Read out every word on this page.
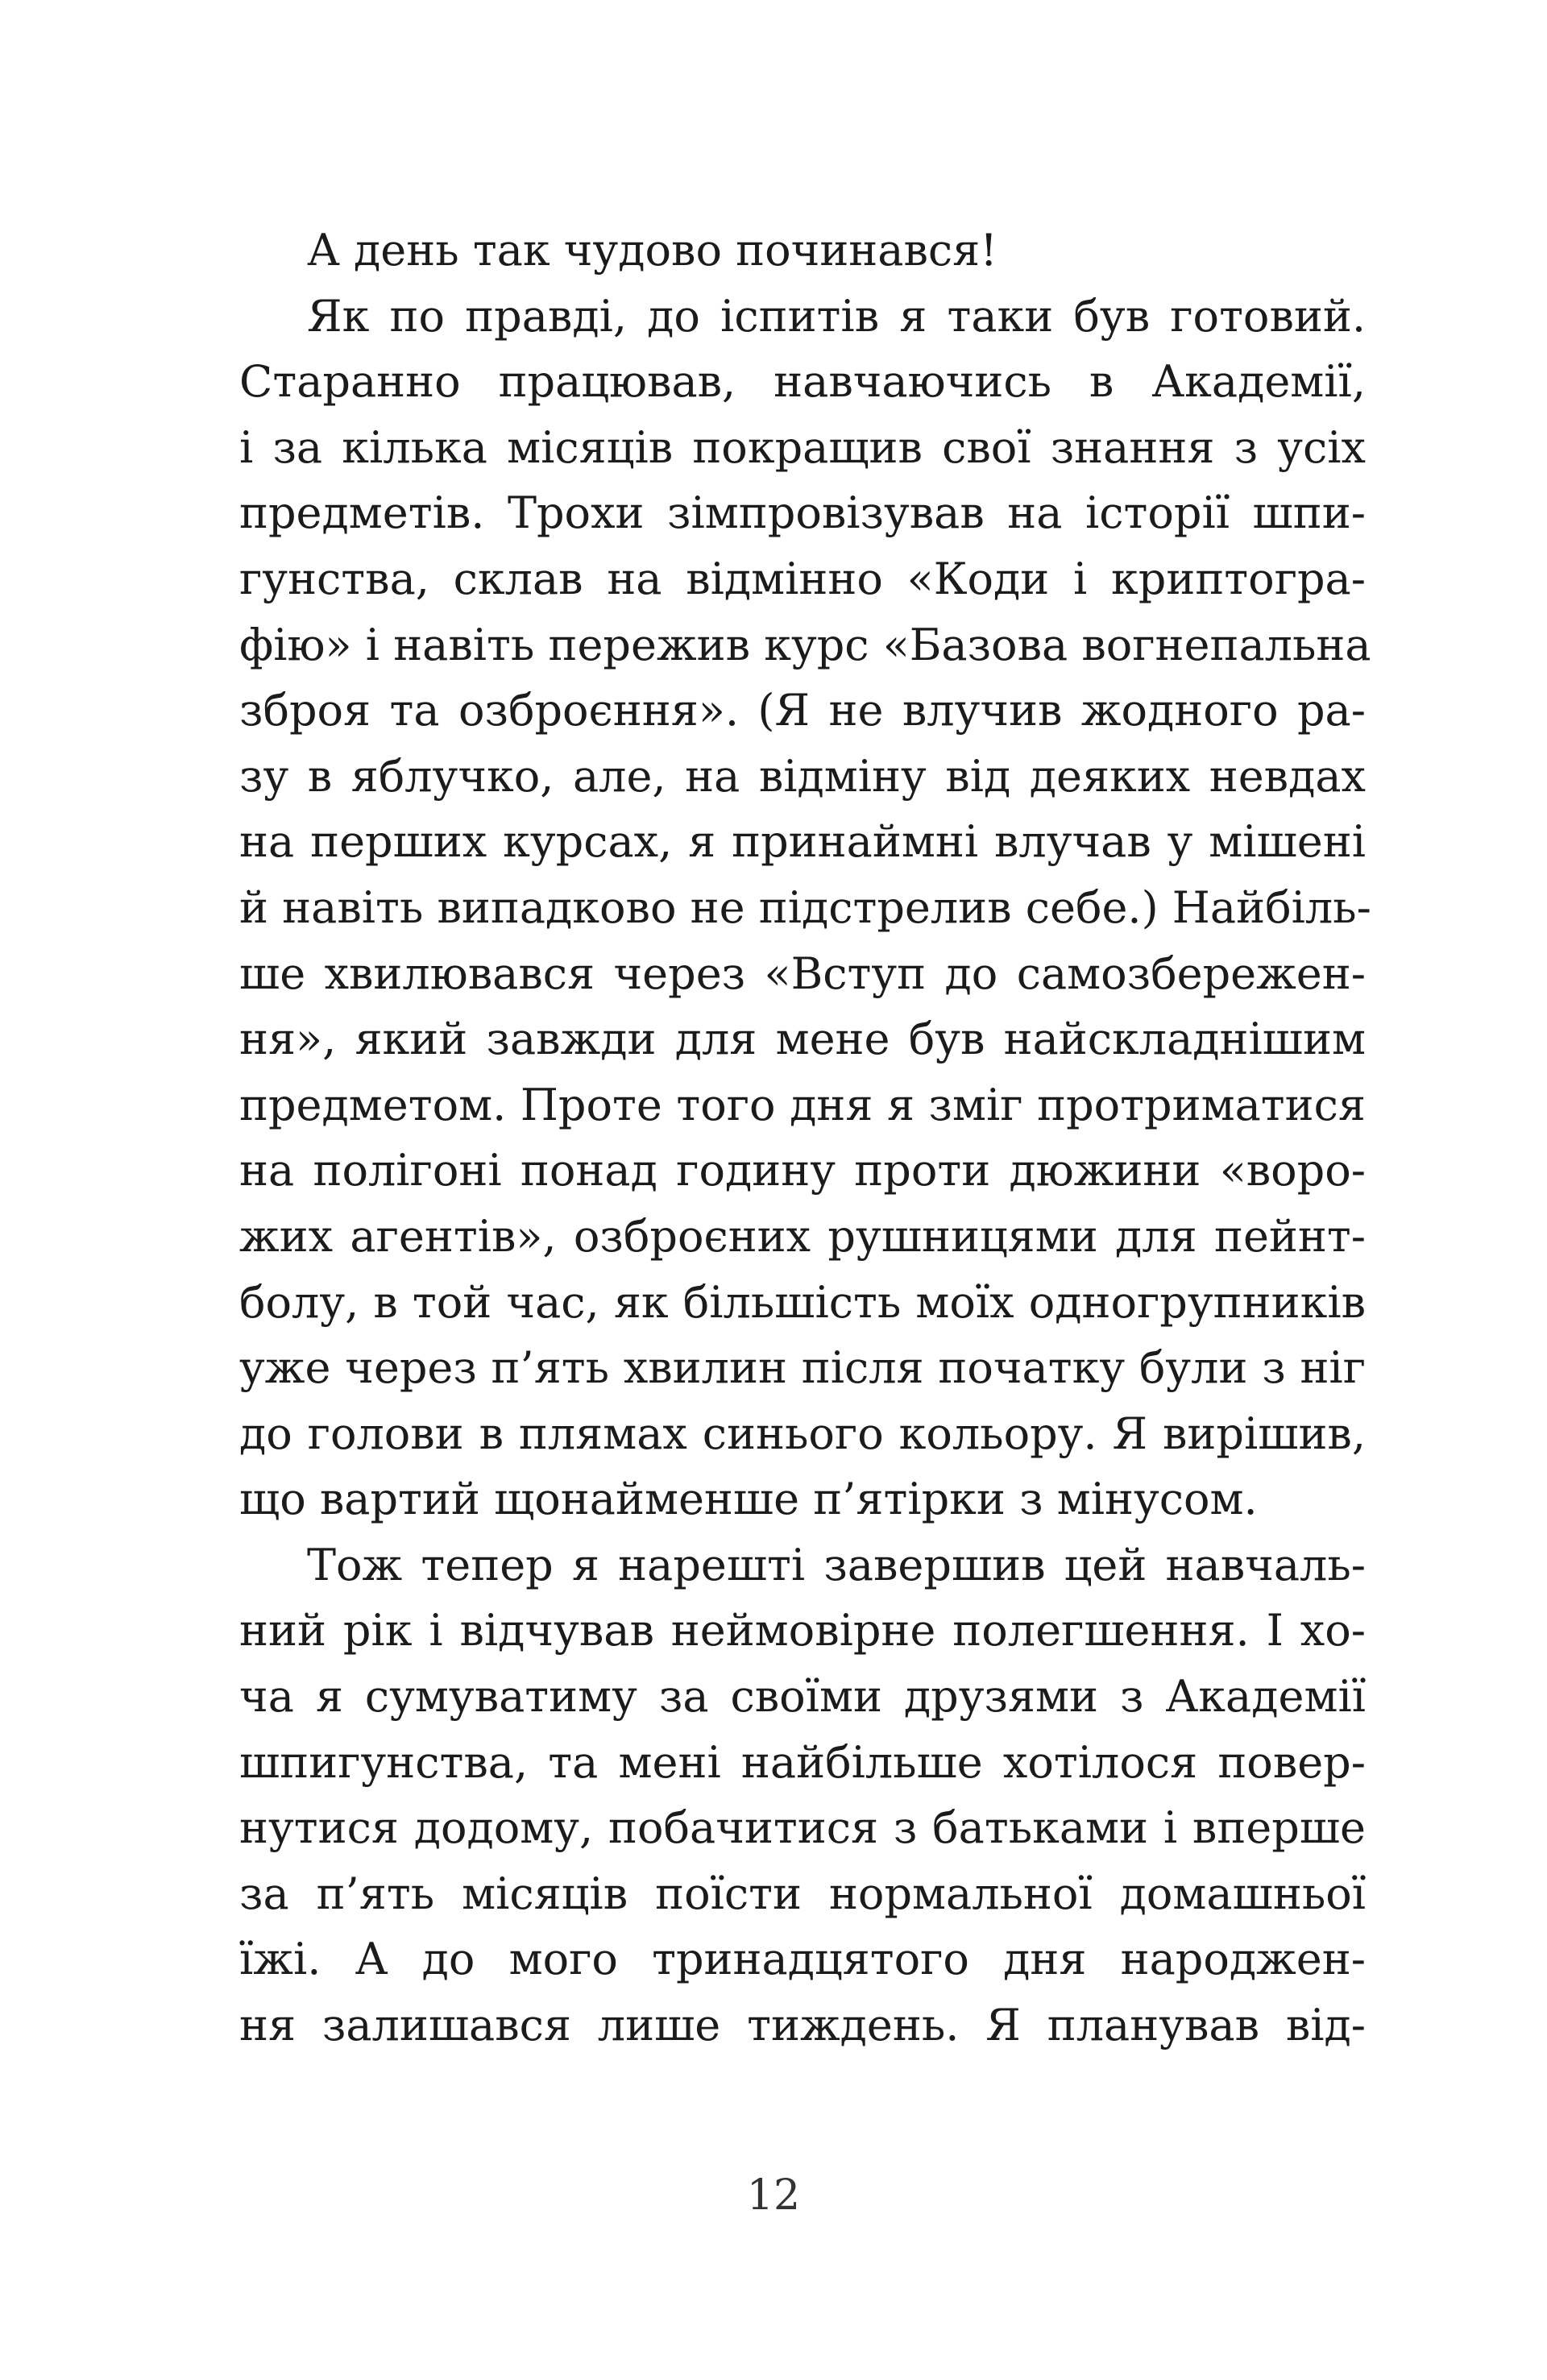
А день так чудово починався!
Як по правді, до іспитів я таки був готовий.
Старанно працював, навчаючись в Академії,
і за кілька місяців покращив свої знання з усіх
предметів. Трохи зімпровізував на історії шпи-
гунства, склав на відмінно «Коди і криптогра-
фію» і навіть пережив курс «Базова вогнепальна
зброя та озброєння». (Я не влучив жодного ра-
зу в яблучко, але, на відміну від деяких невдах
на перших курсах, я принаймні влучав у мішені
й навіть випадково не підстрелив себе.) Найбіль-
ше хвилювався через «Вступ до самозбережен-
ня», який завжди для мене був найскладнішим
предметом. Проте того дня я зміг протриматися
на полігоні понад годину проти дюжини «воро-
жих агентів», озброєних рушницями для пейнт-
болу, в той час, як більшість моїх одногрупників
уже через п’ять хвилин після початку були з ніг
до голови в плямах синього кольору. Я вирішив,
що вартий щонайменше п’ятірки з мінусом.
Тож тепер я нарешті завершив цей навчаль-
ний рік і відчував неймовірне полегшення. І хо-
ча я сумуватиму за своїми друзями з Академії
шпигунства, та мені найбільше хотілося повер-
нутися додому, побачитися з батьками і вперше
за п’ять місяців поїсти нормальної домашньої
їжі. А до мого тринадцятого дня народжен-
ня залишався лише тиждень. Я планував від-
12
